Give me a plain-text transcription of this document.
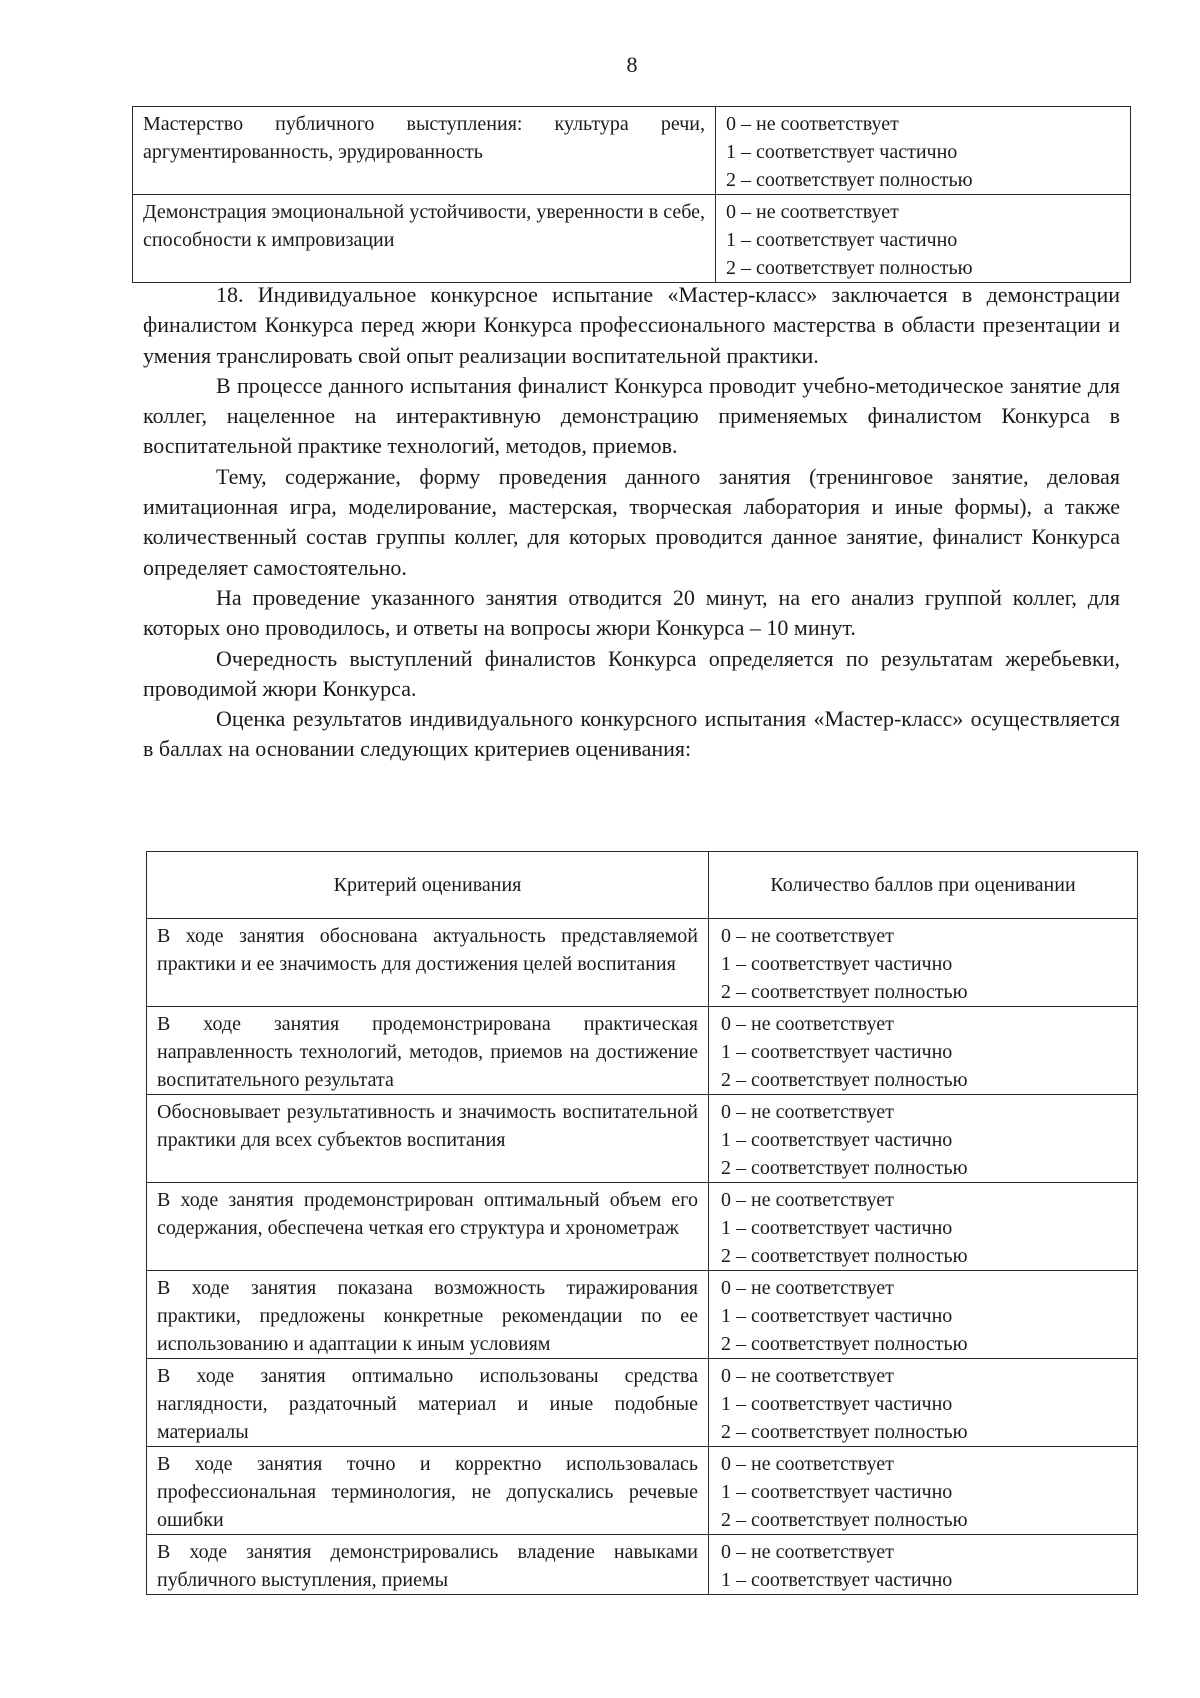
8
Мастерство публичного выступления: культура речи, аргументированность, эрудированность	0 – не соответствует
1 – соответствует частично
2 – соответствует полностью

Демонстрация эмоциональной устойчивости, уверенности в себе, способности к импровизации	0 – не соответствует
1 – соответствует частично
2 – соответствует полностью

18. Индивидуальное конкурсное испытание «Мастер-класс» заключается в демонстрации финалистом Конкурса перед жюри Конкурса профессионального мастерства в области презентации и умения транслировать свой опыт реализации воспитательной практики.

В процессе данного испытания финалист Конкурса проводит учебно-методическое занятие для коллег, нацеленное на интерактивную демонстрацию применяемых финалистом Конкурса в воспитательной практике технологий, методов, приемов.

Тему, содержание, форму проведения данного занятия (тренинговое занятие, деловая имитационная игра, моделирование, мастерская, творческая лаборатория и иные формы), а также количественный состав группы коллег, для которых проводится данное занятие, финалист Конкурса определяет самостоятельно.

На проведение указанного занятия отводится 20 минут, на его анализ группой коллег, для которых оно проводилось, и ответы на вопросы жюри Конкурса – 10 минут.

Очередность выступлений финалистов Конкурса определяется по результатам жеребьевки, проводимой жюри Конкурса.

Оценка результатов индивидуального конкурсного испытания «Мастер-класс» осуществляется в баллах на основании следующих критериев оценивания:

Критерий оценивания	Количество баллов при оценивании
В ходе занятия обоснована актуальность представляемой практики и ее значимость для достижения целей воспитания	0 – не соответствует
1 – соответствует частично
2 – соответствует полностью

В ходе занятия продемонстрирована практическая направленность технологий, методов, приемов на достижение воспитательного результата	0 – не соответствует
1 – соответствует частично
2 – соответствует полностью

Обосновывает результативность и значимость воспитательной практики для всех субъектов воспитания	0 – не соответствует
1 – соответствует частично
2 – соответствует полностью

В ходе занятия продемонстрирован оптимальный объем его содержания, обеспечена четкая его структура и хронометраж	0 – не соответствует
1 – соответствует частично
2 – соответствует полностью

В ходе занятия показана возможность тиражирования практики, предложены конкретные рекомендации по ее использованию и адаптации к иным условиям	0 – не соответствует
1 – соответствует частично
2 – соответствует полностью

В ходе занятия оптимально использованы средства наглядности, раздаточный материал и иные подобные материалы	0 – не соответствует
1 – соответствует частично
2 – соответствует полностью

В ходе занятия точно и корректно использовалась профессиональная терминология, не допускались речевые ошибки	0 – не соответствует
1 – соответствует частично
2 – соответствует полностью

В ходе занятия демонстрировались владение навыками публичного выступления, приемы	0 – не соответствует
1 – соответствует частично
